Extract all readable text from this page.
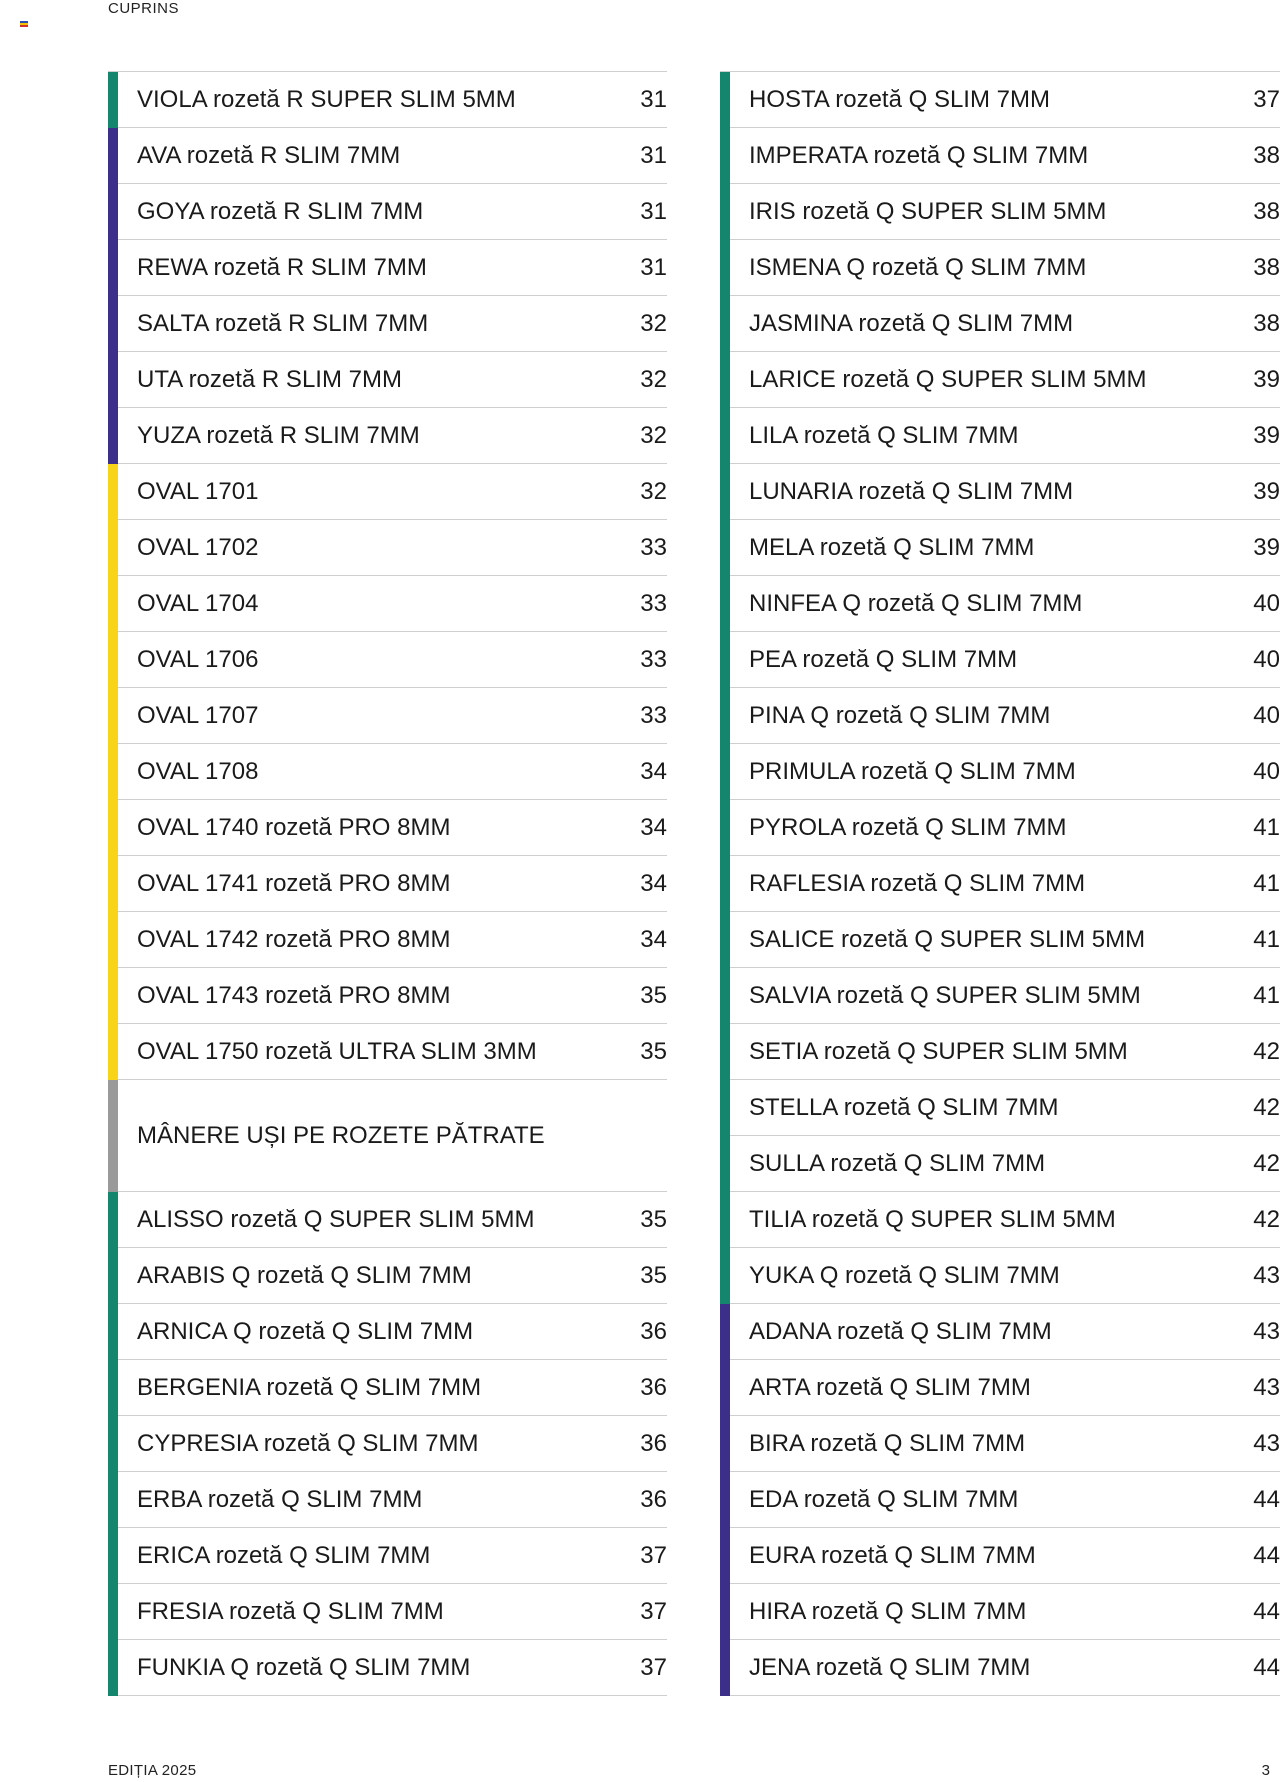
CUPRINS
VIOLA rozetă R SUPER SLIM 5MM	31
AVA rozetă R SLIM 7MM	31
GOYA rozetă R SLIM 7MM	31
REWA rozetă R SLIM 7MM	31
SALTA rozetă R SLIM 7MM	32
UTA rozetă R SLIM 7MM	32
YUZA rozetă R SLIM 7MM	32
OVAL 1701	32
OVAL 1702	33
OVAL 1704	33
OVAL 1706	33
OVAL 1707	33
OVAL 1708	34
OVAL 1740 rozetă PRO 8MM	34
OVAL 1741 rozetă PRO 8MM	34
OVAL 1742 rozetă PRO 8MM	34
OVAL 1743 rozetă PRO 8MM	35
OVAL 1750 rozetă ULTRA SLIM 3MM	35
MÂNERE UȘI PE ROZETE PĂTRATE
ALISSO rozetă Q SUPER SLIM 5MM	35
ARABIS Q rozetă Q SLIM 7MM	35
ARNICA Q rozetă Q SLIM 7MM	36
BERGENIA rozetă Q SLIM 7MM	36
CYPRESIA rozetă Q SLIM 7MM	36
ERBA rozetă Q SLIM 7MM	36
ERICA rozetă Q SLIM 7MM	37
FRESIA rozetă Q SLIM 7MM	37
FUNKIA Q rozetă Q SLIM 7MM	37
HOSTA rozetă Q SLIM 7MM	37
IMPERATA rozetă Q SLIM 7MM	38
IRIS rozetă Q SUPER SLIM 5MM	38
ISMENA Q rozetă Q SLIM 7MM	38
JASMINA rozetă Q SLIM 7MM	38
LARICE rozetă Q SUPER SLIM 5MM	39
LILA rozetă Q SLIM 7MM	39
LUNARIA rozetă Q SLIM 7MM	39
MELA rozetă Q SLIM 7MM	39
NINFEA Q rozetă Q SLIM 7MM	40
PEA rozetă Q SLIM 7MM	40
PINA Q rozetă Q SLIM 7MM	40
PRIMULA rozetă Q SLIM 7MM	40
PYROLA rozetă Q SLIM 7MM	41
RAFLESIA rozetă Q SLIM 7MM	41
SALICE rozetă Q SUPER SLIM 5MM	41
SALVIA rozetă Q SUPER SLIM 5MM	41
SETIA rozetă Q SUPER SLIM 5MM	42
STELLA rozetă Q SLIM 7MM	42
SULLA rozetă Q SLIM 7MM	42
TILIA rozetă Q SUPER SLIM 5MM	42
YUKA Q rozetă Q SLIM 7MM	43
ADANA rozetă Q SLIM 7MM	43
ARTA rozetă Q SLIM 7MM	43
BIRA rozetă Q SLIM 7MM	43
EDA rozetă Q SLIM 7MM	44
EURA rozetă Q SLIM 7MM	44
HIRA rozetă Q SLIM 7MM	44
JENA rozetă Q SLIM 7MM	44
EDIȚIA 2025	3
